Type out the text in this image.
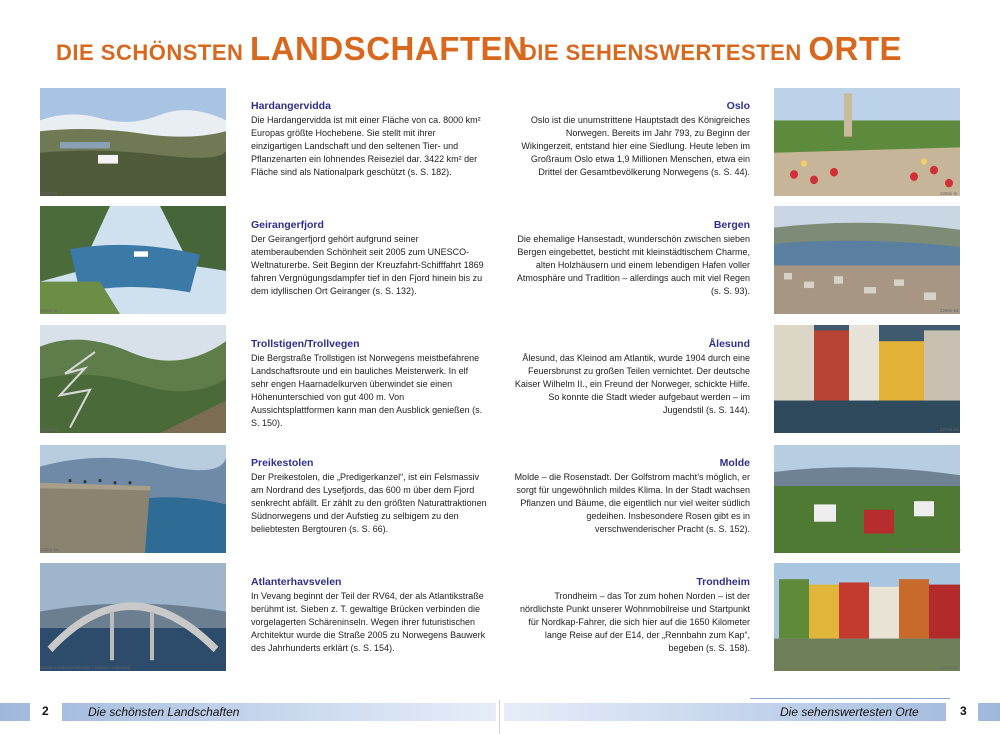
DIE SCHÖNSTEN LANDSCHAFTEN
DIE SEHENSWERTESTEN ORTE
221mi-le
Hardangervidda
Die Hardangervidda ist mit einer Fläche von ca. 8000 km² Europas größte Hochebene. Sie stellt mit ihrer einzigartigen Landschaft und den seltenen Tier- und Pflanzenarten ein lohnendes Reiseziel dar. 3422 km² der Fläche sind als Nationalpark geschützt (s. S. 182).
223mi-le
Geirangerfjord
Der Geirangerfjord gehört aufgrund seiner atemberaubenden Schönheit seit 2005 zum UNESCO-Weltnaturerbe. Seit Beginn der Kreuzfahrt-Schifffahrt 1869 fahren Vergnügungsdampfer tief in den Fjord hinein bis zu dem idyllischen Ort Geiranger (s. S. 132).
222mi-kd
Trollstigen/Trollvegen
Die Bergstraße Trollstigen ist Norwegens meistbefahrene Landschaftsroute und ein bauliches Meisterwerk. In elf sehr engen Haarnadelkurven überwindet sie einen Höhenunterschied von gut 400 m. Von Aussichtsplattformen kann man den Ausblick genießen (s. S. 150).
175mi-kd
Preikestolen
Der Preikestolen, die „Predigerkanzel“, ist ein Felsmassiv am Nordrand des Lysefjords, das 600 m über dem Fjord senkrecht abfällt. Er zählt zu den größten Naturattraktionen Südnorwegens und der Aufstieg zu selbigem zu den beliebtesten Bergtouren (s. S. 66).
224mi-nordnorsk Reiseliv / Statens vegvesen
Atlanterhavsvelen
In Vevang beginnt der Teil der RV64, der als Atlantikstraße berühmt ist. Sieben z. T. gewaltige Brücken verbinden die vorgelagerten Schäreninseln. Wegen ihrer futuristischen Architektur wurde die Straße 2005 zu Norwegens Bauwerk des Jahrhunderts erklärt (s. S. 154).
Oslo
Oslo ist die unumstrittene Hauptstadt des Königreiches Norwegen. Bereits im Jahr 793, zu Beginn der Wikingerzeit, entstand hier eine Siedlung. Heute leben im Großraum Oslo etwa 1,9 Millionen Menschen, etwa ein Drittel der Gesamtbevölkerung Norwegens (s. S. 44).
225mi-le
Bergen
Die ehemalige Hansestadt, wunderschön zwischen sieben Bergen eingebettet, besticht mit kleinstädtischem Charme, alten Holzhäusern und einem lebendigen Hafen voller Atmosphäre und Tradition – allerdings auch mit viel Regen (s. S. 93).
226mi-kd
Ålesund
Ålesund, das Kleinod am Atlantik, wurde 1904 durch eine Feuersbrunst zu großen Teilen vernichtet. Der deutsche Kaiser Wilhelm II., ein Freund der Norweger, schickte Hilfe. So konnte die Stadt wieder aufgebaut werden – im Jugendstil (s. S. 144).
227mi-kd
Molde
Molde – die Rosenstadt. Der Golfstrom macht’s möglich, er sorgt für ungewöhnlich mildes Klima. In der Stadt wachsen Pflanzen und Bäume, die eigentlich nur viel weiter südlich gedeihen. Insbesondere Rosen gibt es in verschwenderischer Pracht (s. S. 152).
230mo-sni/Regina - stock.adobe.com
Trondheim
Trondheim – das Tor zum hohen Norden – ist der nördlichste Punkt unserer Wohnmobilreise und Startpunkt für Nordkap-Fahrer, die sich hier auf die 1650 Kilometer lange Reise auf der E14, der „Rennbahn zum Kap“, begeben (s. S. 158).
231mi-le
2	Die schönsten Landschaften	Die sehenswertesten Orte	3
